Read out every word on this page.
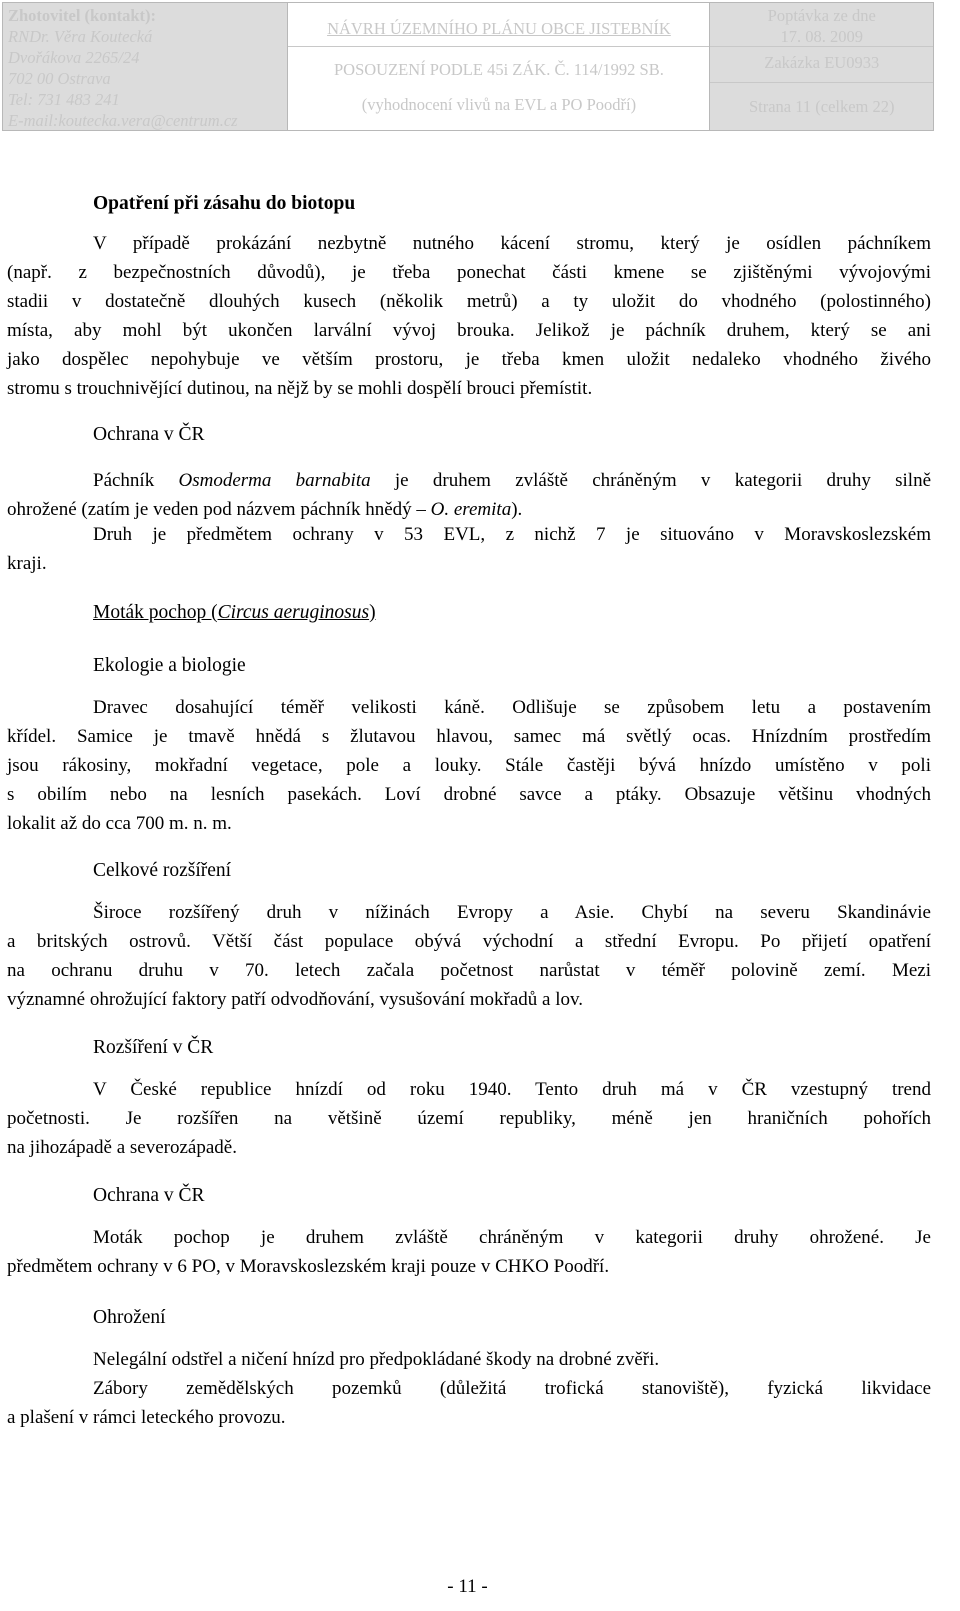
Zhotovitel (kontakt):
RNDr. Věra Koutecká
Dvořákova 2265/24
702 00 Ostrava
Tel: 731 483 241
E-mail:koutecka.vera@centrum.cz
NÁVRH ÚZEMNÍHO PLÁNU OBCE JISTEBNÍK
POSOUZENÍ PODLE 45i ZÁK. Č. 114/1992 SB.
(vyhodnocení vlivů na EVL a PO Poodří)
Poptávka ze dne
17. 08. 2009
Zakázka EU0933
Strana 11 (celkem 22)
Opatření při zásahu do biotopu
V případě prokázání nezbytně nutného kácení stromu, který je osídlen páchníkem
(např. z bezpečnostních důvodů), je třeba ponechat části kmene se zjištěnými vývojovými
stadii v dostatečně dlouhých kusech (několik metrů) a ty uložit do vhodného (polostinného)
místa, aby mohl být ukončen larvální vývoj brouka. Jelikož je páchník druhem, který se ani
jako dospělec nepohybuje ve větším prostoru, je třeba kmen uložit nedaleko vhodného živého
stromu s trouchnivějící dutinou, na nějž by se mohli dospělí brouci přemístit.
Ochrana v ČR
Páchník Osmoderma barnabita je druhem zvláště chráněným v kategorii druhy silně
ohrožené (zatím je veden pod názvem páchník hnědý – O. eremita).
Druh je předmětem ochrany v 53 EVL, z nichž 7 je situováno v Moravskoslezském
kraji.
Moták pochop (Circus aeruginosus)
Ekologie a biologie
Dravec dosahující téměř velikosti káně. Odlišuje se způsobem letu a postavením
křídel. Samice je tmavě hnědá s žlutavou hlavou, samec má světlý ocas. Hnízdním prostředím
jsou rákosiny, mokřadní vegetace, pole a louky. Stále častěji bývá hnízdo umístěno v poli
s obilím nebo na lesních pasekách. Loví drobné savce a ptáky. Obsazuje většinu vhodných
lokalit až do cca 700 m. n. m.
Celkové rozšíření
Široce rozšířený druh v nížinách Evropy a Asie. Chybí na severu Skandinávie
a britských ostrovů. Větší část populace obývá východní a střední Evropu. Po přijetí opatření
na ochranu druhu v 70. letech začala početnost narůstat v téměř polovině zemí. Mezi
významné ohrožující faktory patří odvodňování, vysušování mokřadů a lov.
Rozšíření v ČR
V České republice hnízdí od roku 1940. Tento druh má v ČR vzestupný trend
početnosti. Je rozšířen na většině území republiky, méně jen hraničních pohořích
na jihozápadě a severozápadě.
Ochrana v ČR
Moták pochop je druhem zvláště chráněným v kategorii druhy ohrožené. Je
předmětem ochrany v 6 PO, v Moravskoslezském kraji pouze v CHKO Poodří.
Ohrožení
Nelegální odstřel a ničení hnízd pro předpokládané škody na drobné zvěři.
Zábory zemědělských pozemků (důležitá trofická stanoviště), fyzická likvidace
a plašení v rámci leteckého provozu.
- 11 -
